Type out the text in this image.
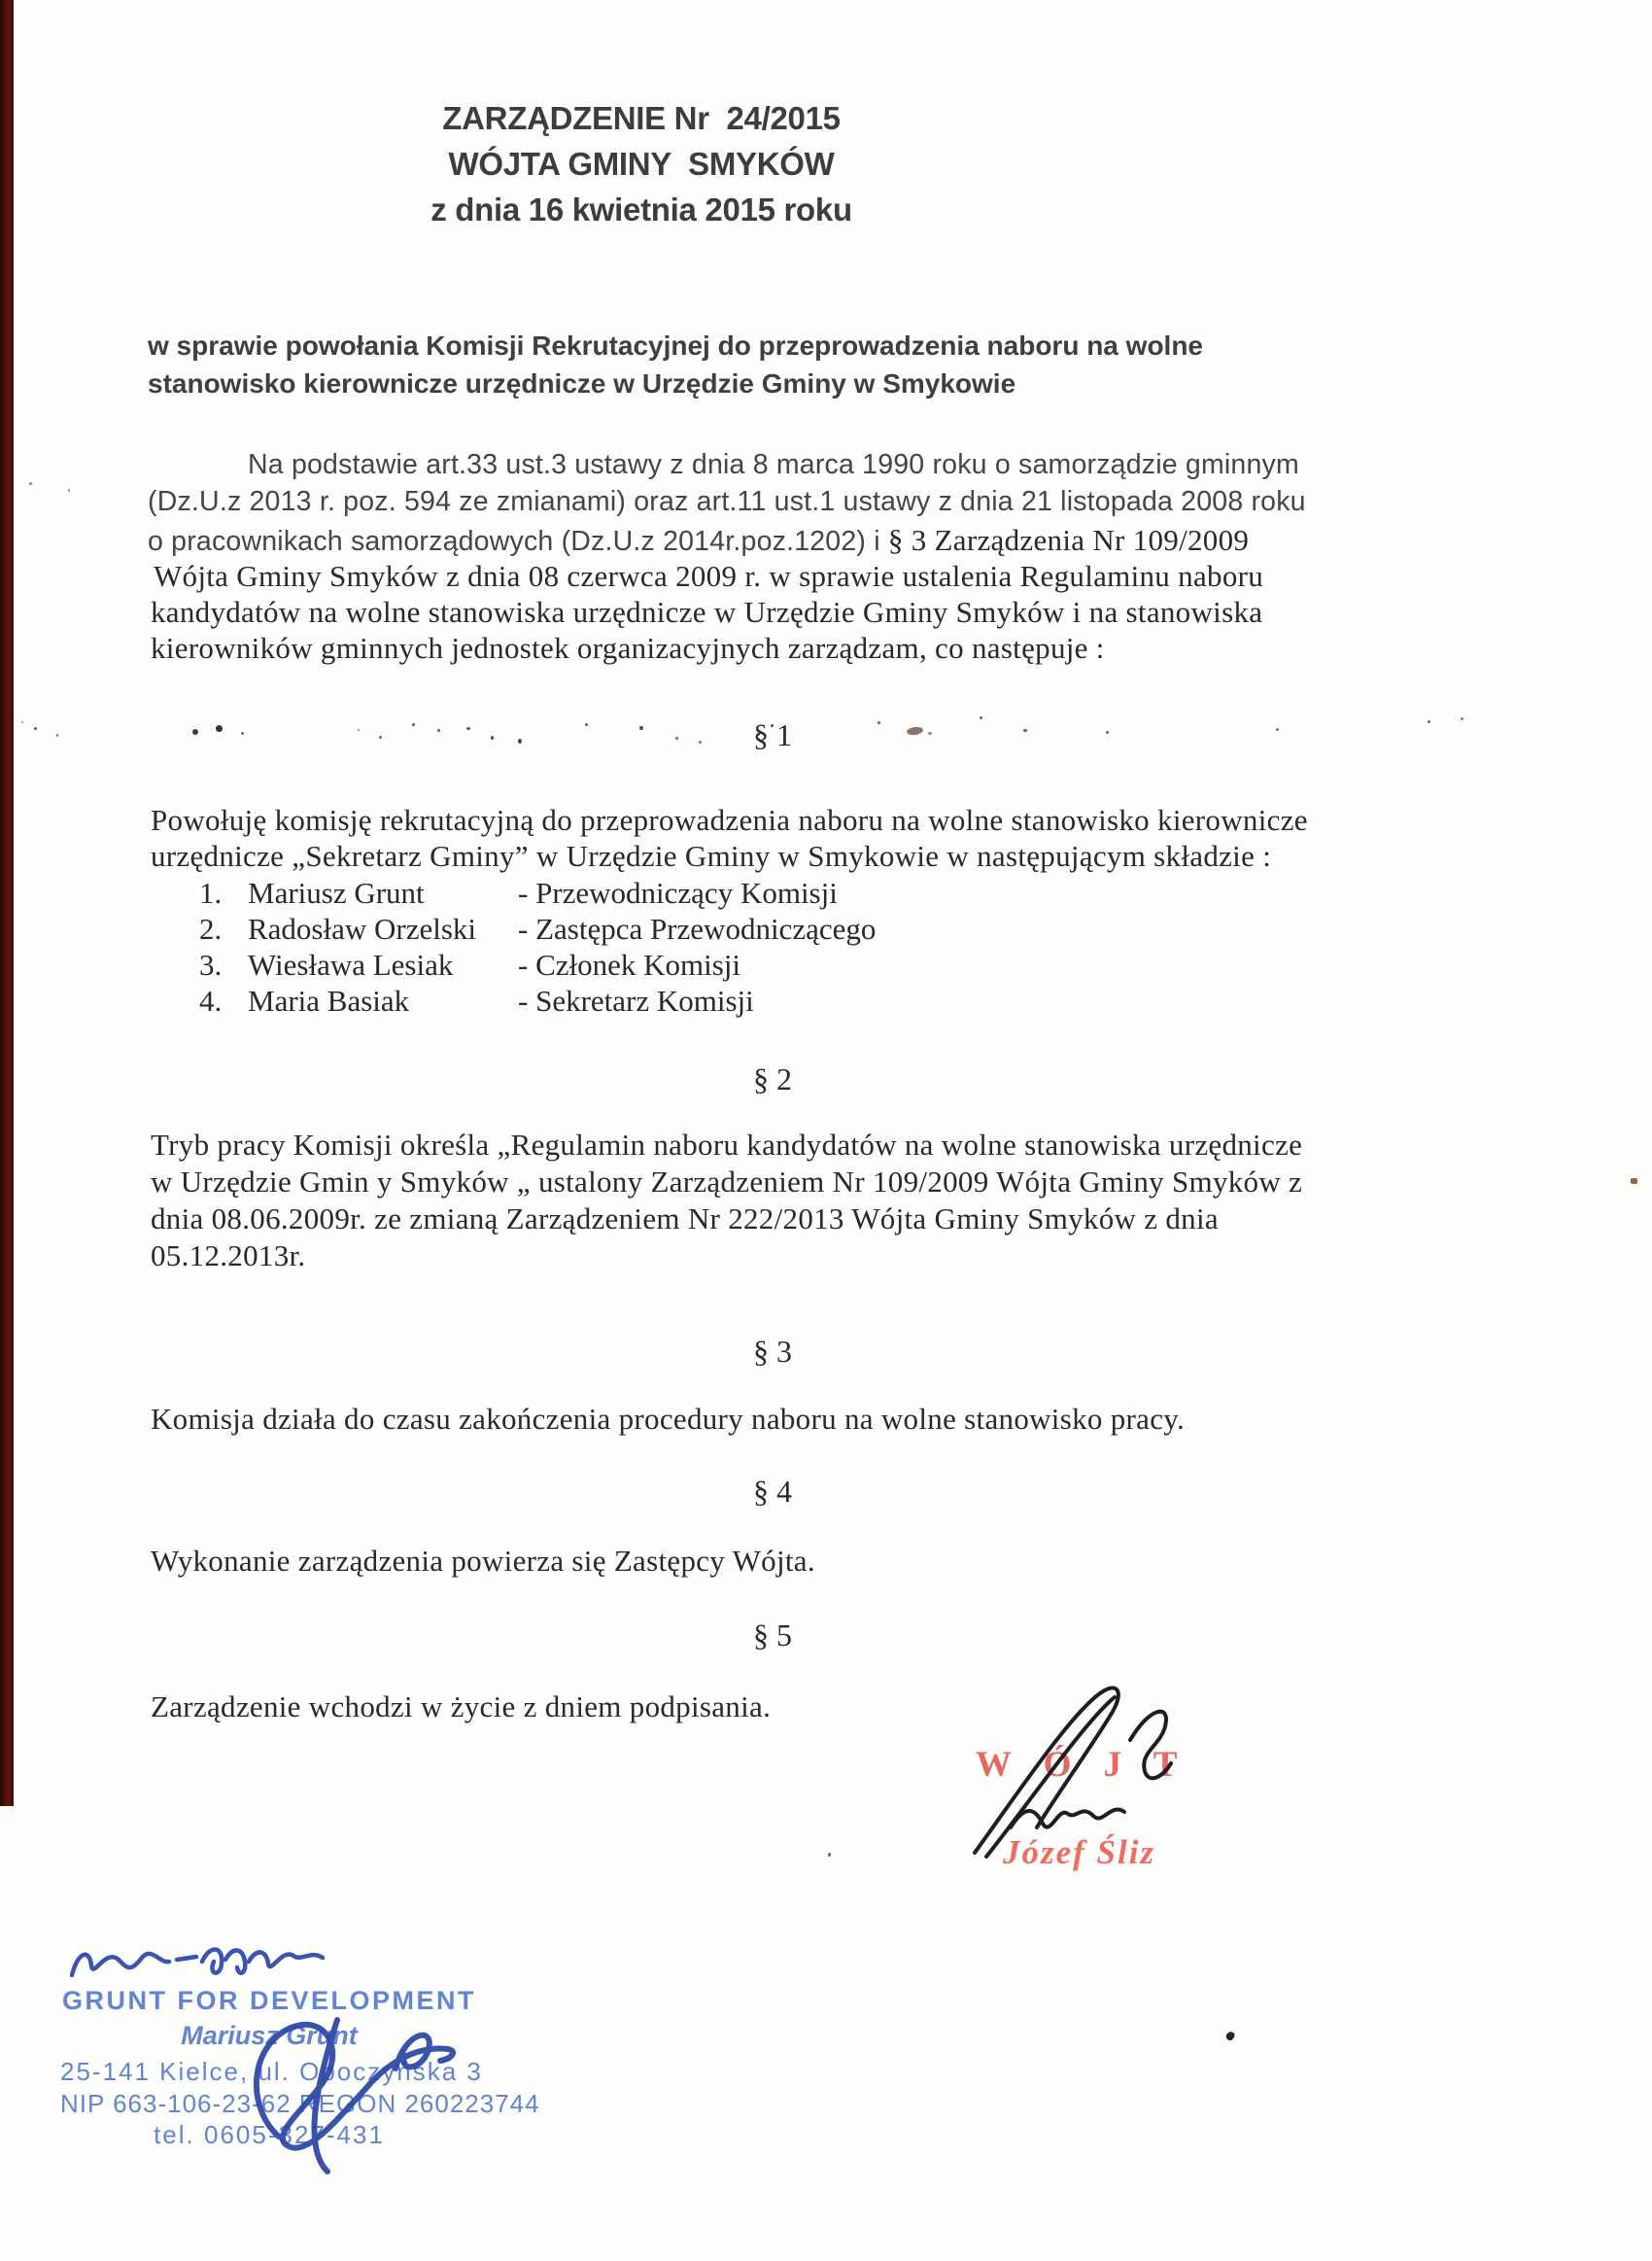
ZARZĄDZENIE Nr  24/2015
WÓJTA GMINY  SMYKÓW
z dnia 16 kwietnia 2015 roku
w sprawie powołania Komisji Rekrutacyjnej do przeprowadzenia naboru na wolne
stanowisko kierownicze urzędnicze w Urzędzie Gminy w Smykowie
Na podstawie art.33 ust.3 ustawy z dnia 8 marca 1990 roku o samorządzie gminnym
(Dz.U.z 2013 r. poz. 594 ze zmianami) oraz art.11 ust.1 ustawy z dnia 21 listopada 2008 roku
o pracownikach samorządowych (Dz.U.z 2014r.poz.1202) i § 3 Zarządzenia Nr 109/2009
Wójta Gminy Smyków z dnia 08 czerwca 2009 r. w sprawie ustalenia Regulaminu naboru
kandydatów na wolne stanowiska urzędnicze w Urzędzie Gminy Smyków i na stanowiska
kierowników gminnych jednostek organizacyjnych zarządzam, co następuje :
§ 1
Powołuję komisję rekrutacyjną do przeprowadzenia naboru na wolne stanowisko kierownicze
urzędnicze „Sekretarz Gminy” w Urzędzie Gminy w Smykowie w następującym składzie :
1. Mariusz Grunt	- Przewodniczący Komisji
2. Radosław Orzelski - Zastępca Przewodniczącego
3. Wiesława Lesiak - Członek Komisji
4. Maria Basiak	- Sekretarz Komisji
§ 2
Tryb pracy Komisji określa „Regulamin naboru kandydatów na wolne stanowiska urzędnicze
w Urzędzie Gmin y Smyków „ ustalony Zarządzeniem Nr 109/2009 Wójta Gminy Smyków z
dnia 08.06.2009r. ze zmianą Zarządzeniem Nr 222/2013 Wójta Gminy Smyków z dnia
05.12.2013r.
§ 3
Komisja działa do czasu zakończenia procedury naboru na wolne stanowisko pracy.
§ 4
Wykonanie zarządzenia powierza się Zastępcy Wójta.
§ 5
Zarządzenie wchodzi w życie z dniem podpisania.
W Ó J T
Józef Śliz
GRUNT FOR DEVELOPMENT
Mariusz Grunt
25-141 Kielce, ul. Opoczyńska 3
NIP 663-106-23-62 REGON 260223744
tel. 0605-327-431
